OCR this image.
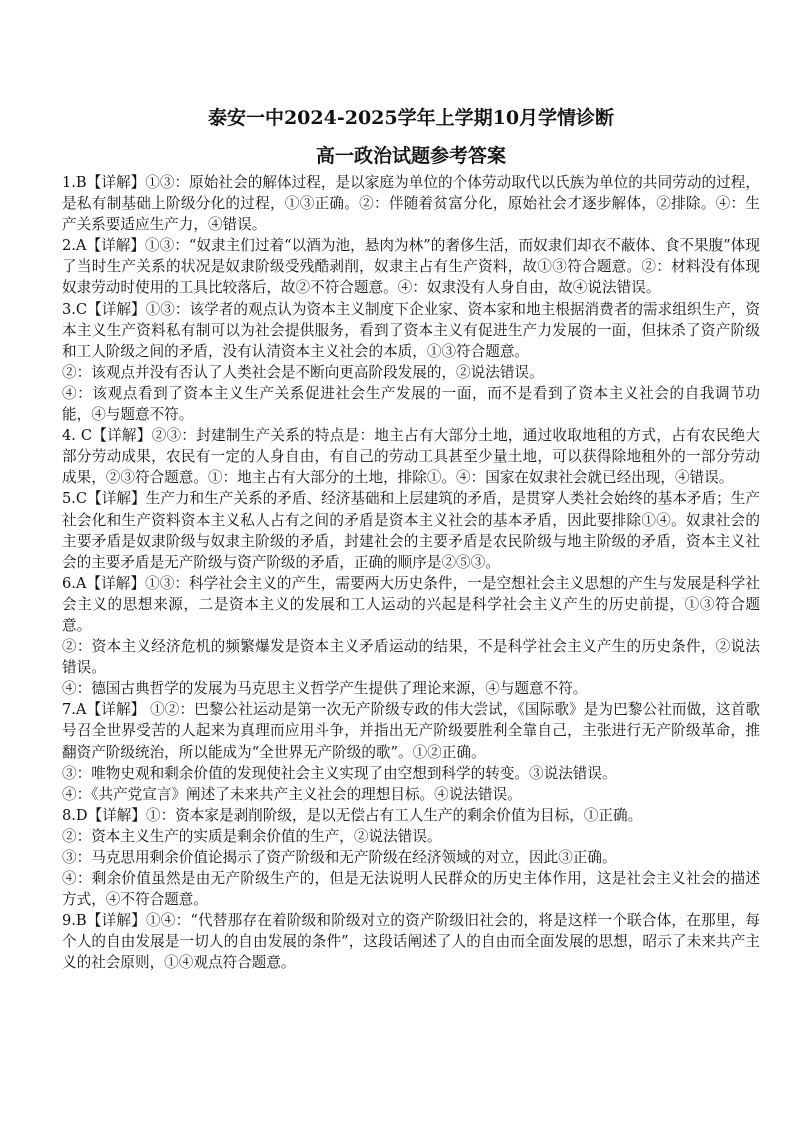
泰安一中2024-2025学年上学期10月学情诊断
高一政治试题参考答案

1.B【详解】①③：原始社会的解体过程，是以家庭为单位的个体劳动取代以氏族为单位的共同劳动的过程，是私有制基础上阶级分化的过程，①③正确。②：伴随着贫富分化，原始社会才逐步解体，②排除。④：生产关系要适应生产力，④错误。

2.A【详解】①③：“奴隶主们过着“以酒为池，悬肉为林”的奢侈生活，而奴隶们却衣不蔽体、食不果腹”体现了当时生产关系的状况是奴隶阶级受残酷剥削，奴隶主占有生产资料，故①③符合题意。②：材料没有体现奴隶劳动时使用的工具比较落后，故②不符合题意。④：奴隶没有人身自由，故④说法错误。

3.C【详解】①③：该学者的观点认为资本主义制度下企业家、资本家和地主根据消费者的需求组织生产，资本主义生产资料私有制可以为社会提供服务，看到了资本主义有促进生产力发展的一面，但抹杀了资产阶级和工人阶级之间的矛盾，没有认清资本主义社会的本质，①③符合题意。

②：该观点并没有否认了人类社会是不断向更高阶段发展的，②说法错误。

④：该观点看到了资本主义生产关系促进社会生产发展的一面，而不是看到了资本主义社会的自我调节功能，④与题意不符。

4. C【详解】②③：封建制生产关系的特点是：地主占有大部分土地，通过收取地租的方式，占有农民绝大部分劳动成果，农民有一定的人身自由，有自己的劳动工具甚至少量土地，可以获得除地租外的一部分劳动成果，②③符合题意。①：地主占有大部分的土地，排除①。④：国家在奴隶社会就已经出现，④错误。

5.C【详解】生产力和生产关系的矛盾、经济基础和上层建筑的矛盾，是贯穿人类社会始终的基本矛盾；生产社会化和生产资料资本主义私人占有之间的矛盾是资本主义社会的基本矛盾，因此要排除①④。奴隶社会的主要矛盾是奴隶阶级与奴隶主阶级的矛盾，封建社会的主要矛盾是农民阶级与地主阶级的矛盾，资本主义社会的主要矛盾是无产阶级与资产阶级的矛盾，正确的顺序是②⑤③。

6.A【详解】①③：科学社会主义的产生，需要两大历史条件，一是空想社会主义思想的产生与发展是科学社会主义的思想来源，二是资本主义的发展和工人运动的兴起是科学社会主义产生的历史前提，①③符合题意。

②：资本主义经济危机的频繁爆发是资本主义矛盾运动的结果，不是科学社会主义产生的历史条件，②说法错误。

④：德国古典哲学的发展为马克思主义哲学产生提供了理论来源，④与题意不符。

7.A【详解】 ①②：巴黎公社运动是第一次无产阶级专政的伟大尝试，《国际歌》是为巴黎公社而做，这首歌号召全世界受苦的人起来为真理而应用斗争，并指出无产阶级要胜利全靠自己，主张进行无产阶级革命，推翻资产阶级统治，所以能成为“全世界无产阶级的歌”。①②正确。

③：唯物史观和剩余价值的发现使社会主义实现了由空想到科学的转变。③说法错误。

④：《共产党宣言》阐述了未来共产主义社会的理想目标。④说法错误。

8.D【详解】①：资本家是剥削阶级，是以无偿占有工人生产的剩余价值为目标，①正确。

②：资本主义生产的实质是剩余价值的生产，②说法错误。

③：马克思用剩余价值论揭示了资产阶级和无产阶级在经济领域的对立，因此③正确。

④：剩余价值虽然是由无产阶级生产的，但是无法说明人民群众的历史主体作用，这是社会主义社会的描述方式，④不符合题意。

9.B【详解】①④：“代替那存在着阶级和阶级对立的资产阶级旧社会的，将是这样一个联合体，在那里，每个人的自由发展是一切人的自由发展的条件”，这段话阐述了人的自由而全面发展的思想，昭示了未来共产主义的社会原则，①④观点符合题意。
